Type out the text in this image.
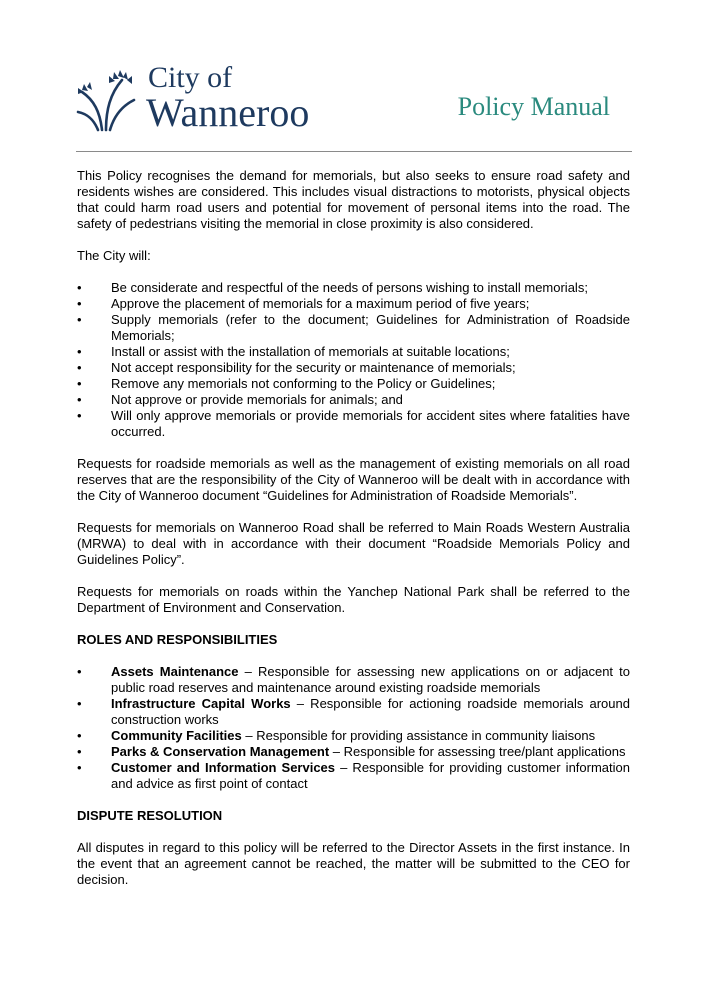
City of
Wanneroo	Policy Manual

This Policy recognises the demand for memorials, but also seeks to ensure road safety and residents wishes are considered. This includes visual distractions to motorists, physical objects that could harm road users and potential for movement of personal items into the road. The safety of pedestrians visiting the memorial in close proximity is also considered.

The City will:

• Be considerate and respectful of the needs of persons wishing to install memorials;
• Approve the placement of memorials for a maximum period of five years;
• Supply memorials (refer to the document; Guidelines for Administration of Roadside Memorials;
• Install or assist with the installation of memorials at suitable locations;
• Not accept responsibility for the security or maintenance of memorials;
• Remove any memorials not conforming to the Policy or Guidelines;
• Not approve or provide memorials for animals; and
• Will only approve memorials or provide memorials for accident sites where fatalities have occurred.

Requests for roadside memorials as well as the management of existing memorials on all road reserves that are the responsibility of the City of Wanneroo will be dealt with in accordance with the City of Wanneroo document “Guidelines for Administration of Roadside Memorials”.

Requests for memorials on Wanneroo Road shall be referred to Main Roads Western Australia (MRWA) to deal with in accordance with their document “Roadside Memorials Policy and Guidelines Policy”.

Requests for memorials on roads within the Yanchep National Park shall be referred to the Department of Environment and Conservation.

ROLES AND RESPONSIBILITIES
• Assets Maintenance – Responsible for assessing new applications on or adjacent to public road reserves and maintenance around existing roadside memorials
• Infrastructure Capital Works – Responsible for actioning roadside memorials around construction works
• Community Facilities – Responsible for providing assistance in community liaisons
• Parks & Conservation Management – Responsible for assessing tree/plant applications
• Customer and Information Services – Responsible for providing customer information and advice as first point of contact
DISPUTE RESOLUTION

All disputes in regard to this policy will be referred to the Director Assets in the first instance. In the event that an agreement cannot be reached, the matter will be submitted to the CEO for decision.
